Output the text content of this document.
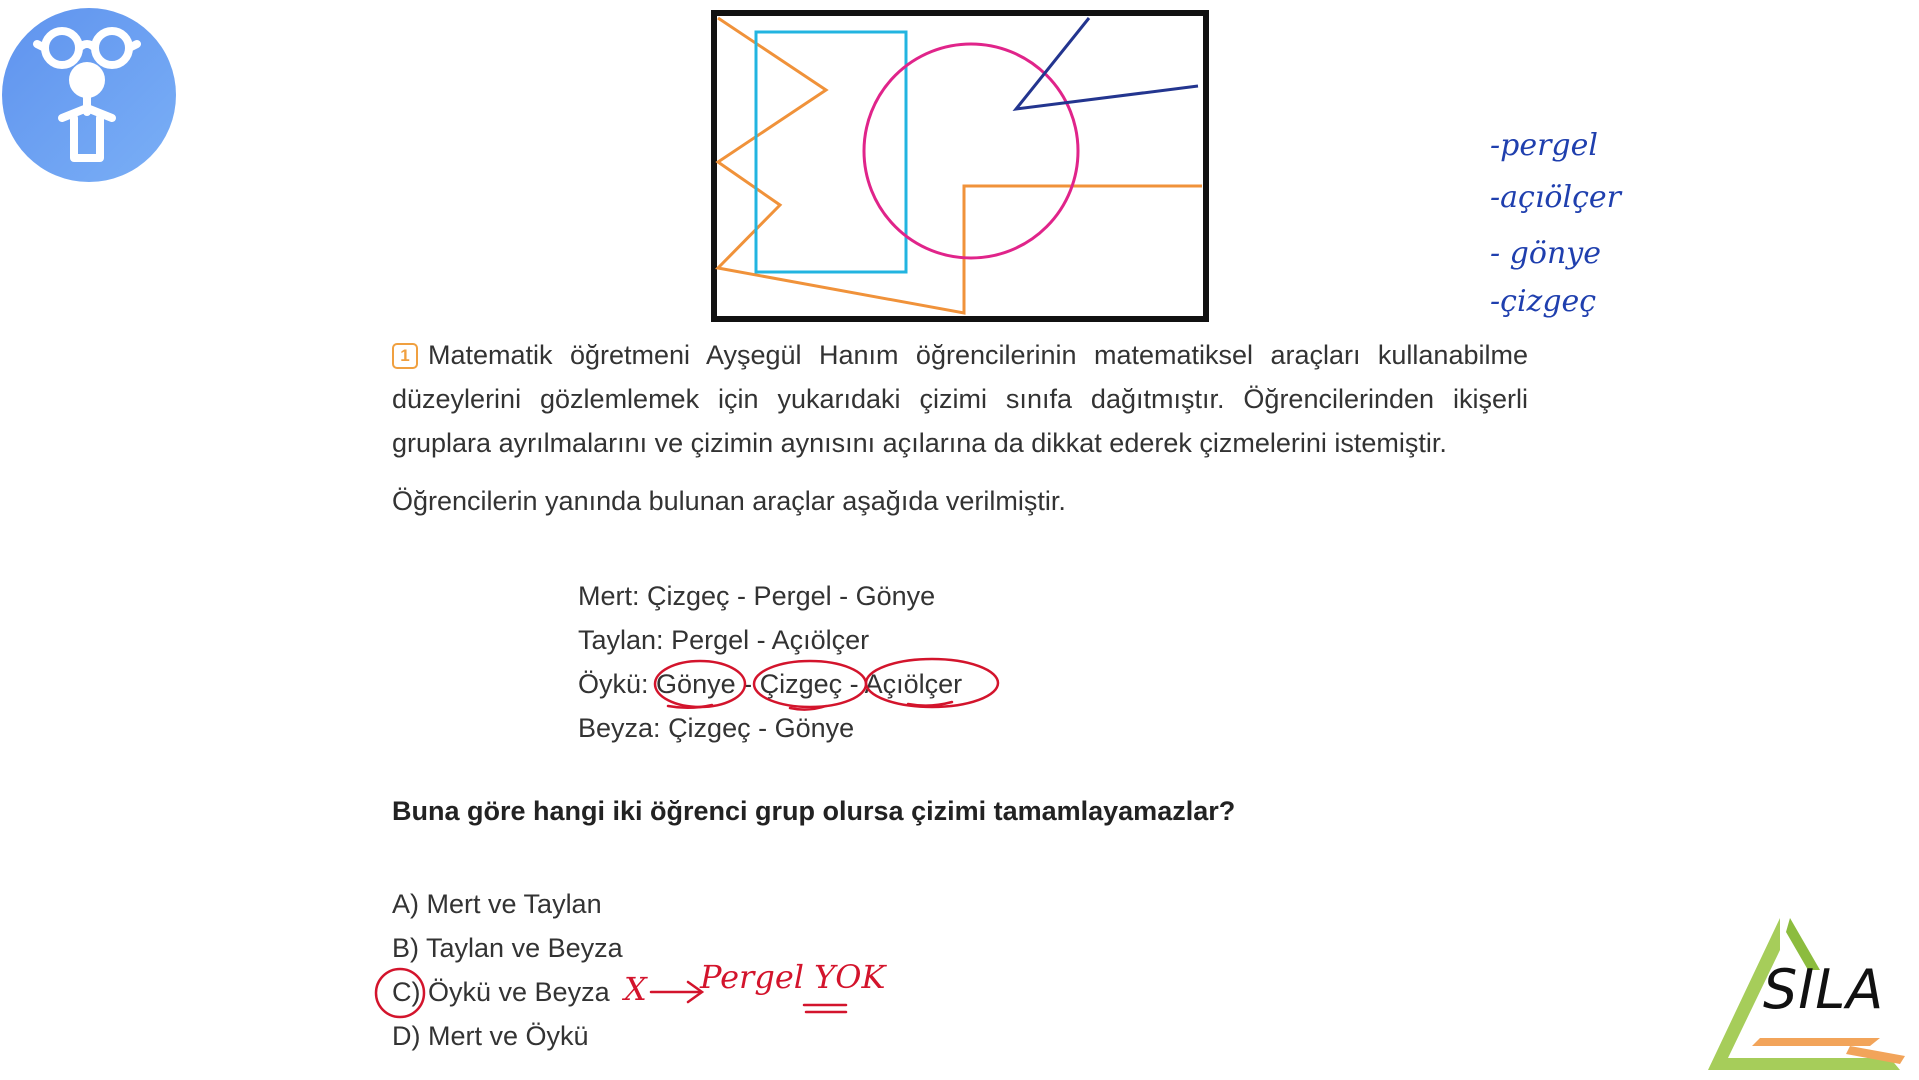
1 Matematik öğretmeni Ayşegül Hanım öğrencilerinin matematiksel araçları kullanabilme düzeylerini gözlemlemek için yukarıdaki çizimi sınıfa dağıtmıştır. Öğrencilerinden ikişerli gruplara ayrılmalarını ve çizimin aynısını açılarına da dikkat ederek çizmelerini istemiştir.
Öğrencilerin yanında bulunan araçlar aşağıda verilmiştir.
Mert: Çizgeç - Pergel - Gönye
Taylan: Pergel - Açıölçer
Öykü: Gönye - Çizgeç - Açıölçer
Beyza: Çizgeç - Gönye
Buna göre hangi iki öğrenci grup olursa çizimi tamamlayamazlar?
A) Mert ve Taylan
B) Taylan ve Beyza
C) Öykü ve Beyza
D) Mert ve Öykü
-pergel
-açıölçer
- gönye
-çizgeç
X Pergel YOK	SILA
